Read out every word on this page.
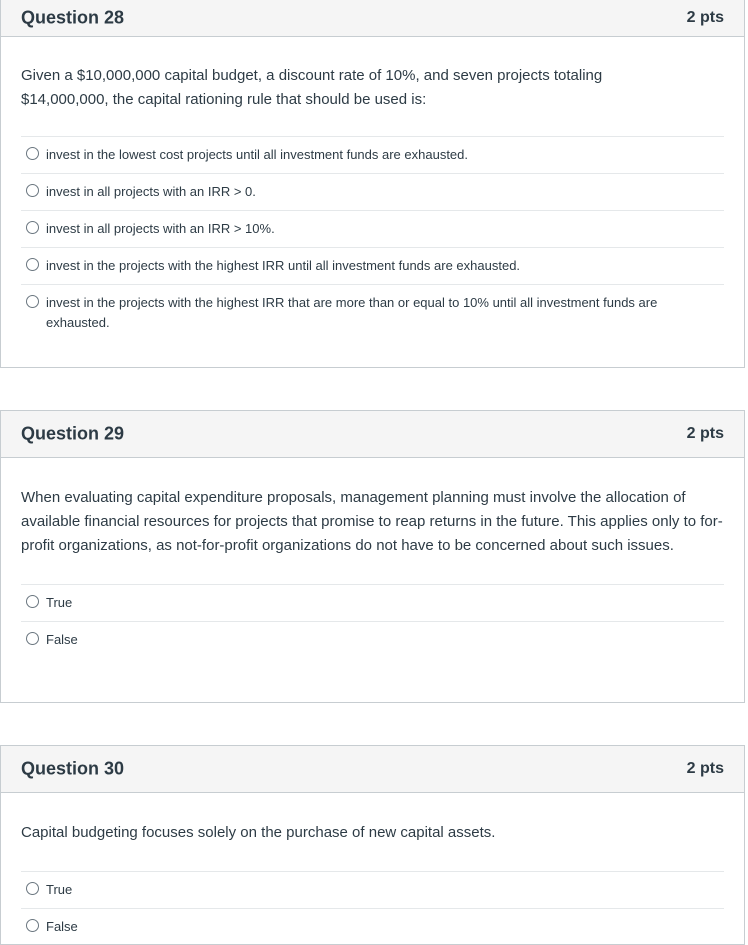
Question 28	2 pts

Given a $10,000,000 capital budget, a discount rate of 10%, and seven projects totaling $14,000,000, the capital rationing rule that should be used is:

invest in the lowest cost projects until all investment funds are exhausted.
invest in all projects with an IRR > 0.
invest in all projects with an IRR > 10%.
invest in the projects with the highest IRR until all investment funds are exhausted.
invest in the projects with the highest IRR that are more than or equal to 10% until all investment funds are exhausted.
Question 29	2 pts

When evaluating capital expenditure proposals, management planning must involve the allocation of available financial resources for projects that promise to reap returns in the future. This applies only to for-profit organizations, as not-for-profit organizations do not have to be concerned about such issues.

True
False
Question 30	2 pts

Capital budgeting focuses solely on the purchase of new capital assets.

True
False
